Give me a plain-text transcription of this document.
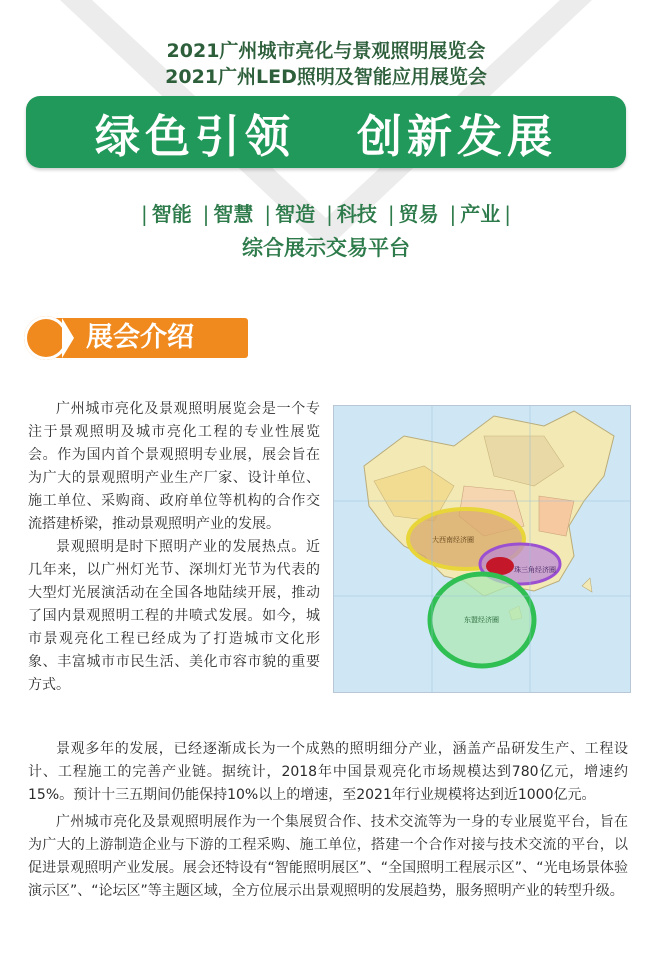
2021广州城市亮化与景观照明展览会
2021广州LED照明及智能应用展览会
绿色引领
创新发展
| 智能 | 智慧 | 智造 | 科技 | 贸易 | 产业 |
综合展示交易平台
展会介绍

广州城市亮化及景观照明展览会是一个专注于景观照明及城市亮化工程的专业性展览会。作为国内首个景观照明专业展，展会旨在为广大的景观照明产业生产厂家、设计单位、施工单位、采购商、政府单位等机构的合作交流搭建桥梁，推动景观照明产业的发展。

景观照明是时下照明产业的发展热点。近几年来，以广州灯光节、深圳灯光节为代表的大型灯光展演活动在全国各地陆续开展，推动了国内景观照明工程的井喷式发展。如今，城市景观亮化工程已经成为了打造城市文化形象、丰富城市市民生活、美化市容市貌的重要方式。

大西南经济圈
珠三角经济圈
东盟经济圈

景观多年的发展，已经逐渐成长为一个成熟的照明细分产业，涵盖产品研发生产、工程设计、工程施工的完善产业链。据统计，2018年中国景观亮化市场规模达到780亿元，增速约15%。预计十三五期间仍能保持10%以上的增速，至2021年行业规模将达到近1000亿元。

广州城市亮化及景观照明展作为一个集展贸合作、技术交流等为一身的专业展览平台，旨在为广大的上游制造企业与下游的工程采购、施工单位，搭建一个合作对接与技术交流的平台，以促进景观照明产业发展。展会还特设有“智能照明展区”、“全国照明工程展示区”、“光电场景体验演示区”、“论坛区”等主题区域，全方位展示出景观照明的发展趋势，服务照明产业的转型升级。
